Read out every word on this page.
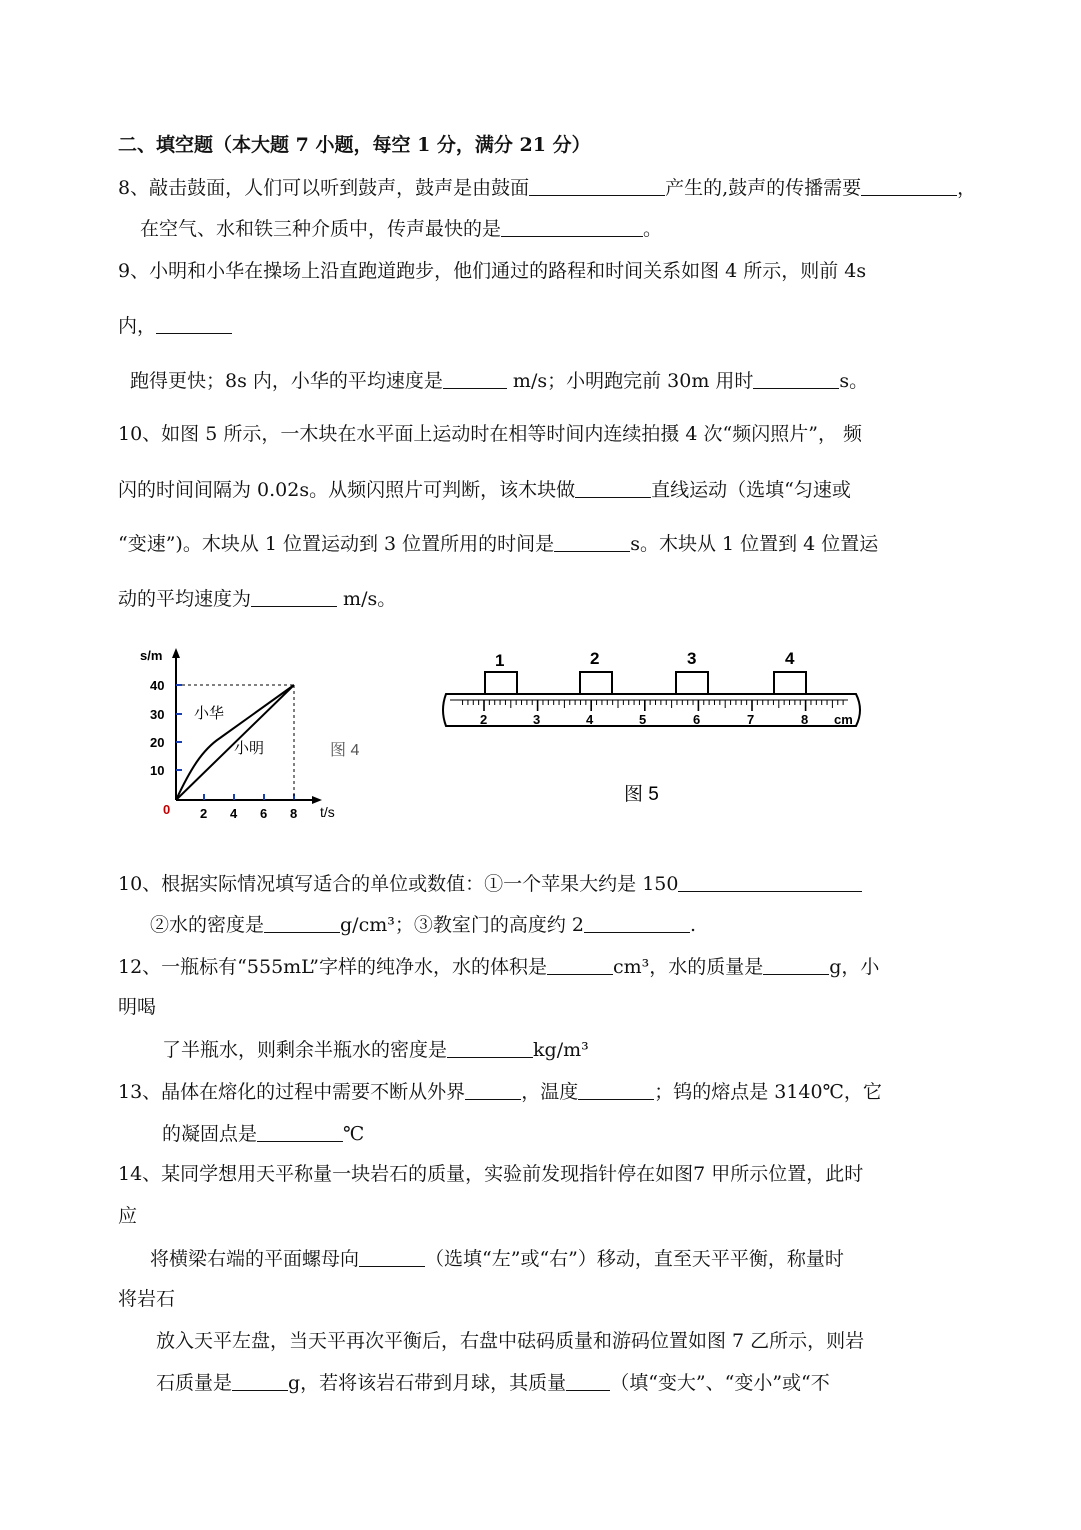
二、填空题（本大题 7 小题，每空 1 分，满分 21 分）
8、敲击鼓面，人们可以听到鼓声，鼓声是由鼓面	产生的,鼓声的传播需要	，
在空气、水和铁三种介质中，传声最快的是	。
9、小明和小华在操场上沿直跑道跑步，他们通过的路程和时间关系如图 4 所示，则前 4s
内，
跑得更快；8s 内，小华的平均速度是	m/s；小明跑完前 30m 用时	s。
10、如图 5 所示，一木块在水平面上运动时在相等时间内连续拍摄 4 次“频闪照片”， 频
闪的时间间隔为 0.02s。从频闪照片可判断，该木块做	直线运动（选填“匀速或
“变速”)。木块从 1 位置运动到 3 位置所用的时间是	s。木块从 1 位置到 4 位置运
动的平均速度为	m/s。
s/m
10
20
30
40
0 2 4 6 8 t/s
小华
小明	图 4
1	2	3	4
2	3	4	5	6	7	8 cm
图 5
10、根据实际情况填写适合的单位或数值：①一个苹果大约是 150
②水的密度是	g/cm³；③教室门的高度约 2	.
12、一瓶标有“555mL”字样的纯净水，水的体积是	cm³，水的质量是	g，小
明喝
了半瓶水，则剩余半瓶水的密度是	kg/m³
13、晶体在熔化的过程中需要不断从外界	，温度	；钨的熔点是 3140℃，它
的凝固点是	℃
14、某同学想用天平称量一块岩石的质量，实验前发现指针停在如图7 甲所示位置，此时
应
将横梁右端的平面螺母向	（选填“左”或“右”）移动，直至天平平衡，称量时
将岩石
放入天平左盘，当天平再次平衡后，右盘中砝码质量和游码位置如图 7 乙所示，则岩
石质量是	g，若将该岩石带到月球，其质量 （填“变大”、“变小”或“不
